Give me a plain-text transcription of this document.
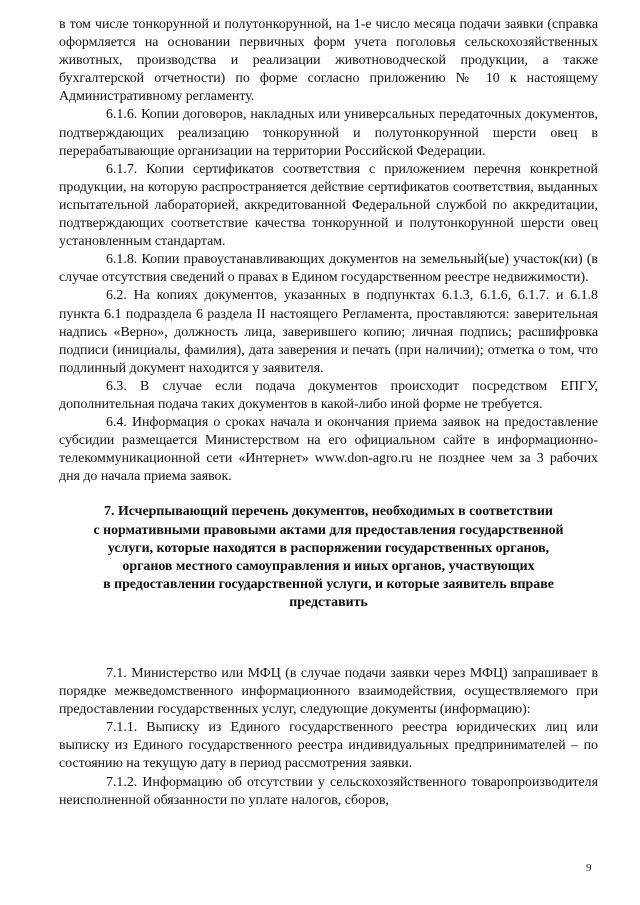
в том числе тонкорунной и полутонкорунной, на 1-е число месяца подачи заявки (справка оформляется на основании первичных форм учета поголовья сельскохозяйственных животных, производства и реализации животноводческой продукции, а также бухгалтерской отчетности) по форме согласно приложению № 10 к настоящему Административному регламенту.

6.1.6. Копии договоров, накладных или универсальных передаточных документов, подтверждающих реализацию тонкорунной и полутонкорунной шерсти овец в перерабатывающие организации на территории Российской Федерации.

6.1.7. Копии сертификатов соответствия с приложением перечня конкретной продукции, на которую распространяется действие сертификатов соответствия, выданных испытательной лабораторией, аккредитованной Федеральной службой по аккредитации, подтверждающих соответствие качества тонкорунной и полутонкорунной шерсти овец установленным стандартам.

6.1.8. Копии правоустанавливающих документов на земельный(ые) участок(ки) (в случае отсутствия сведений о правах в Едином государственном реестре недвижимости).

6.2. На копиях документов, указанных в подпунктах 6.1.3, 6.1.6, 6.1.7. и 6.1.8 пункта 6.1 подраздела 6 раздела II настоящего Регламента, проставляются: заверительная надпись «Верно», должность лица, заверившего копию; личная подпись; расшифровка подписи (инициалы, фамилия), дата заверения и печать (при наличии); отметка о том, что подлинный документ находится у заявителя.

6.3. В случае если подача документов происходит посредством ЕПГУ, дополнительная подача таких документов в какой-либо иной форме не требуется.

6.4. Информация о сроках начала и окончания приема заявок на предоставление субсидии размещается Министерством на его официальном сайте в информационно-телекоммуникационной сети «Интернет» www.don-agro.ru не позднее чем за 3 рабочих дня до начала приема заявок.

7. Исчерпывающий перечень документов, необходимых в соответствии
с нормативными правовыми актами для предоставления государственной
услуги, которые находятся в распоряжении государственных органов,
органов местного самоуправления и иных органов, участвующих
в предоставлении государственной услуги, и которые заявитель вправе
представить

7.1. Министерство или МФЦ (в случае подачи заявки через МФЦ) запрашивает в порядке межведомственного информационного взаимодействия, осуществляемого при предоставлении государственных услуг, следующие документы (информацию):

7.1.1. Выписку из Единого государственного реестра юридических лиц или выписку из Единого государственного реестра индивидуальных предпринимателей – по состоянию на текущую дату в период рассмотрения заявки.

7.1.2. Информацию об отсутствии у сельскохозяйственного товаропроизводителя неисполненной обязанности по уплате налогов, сборов,

9
